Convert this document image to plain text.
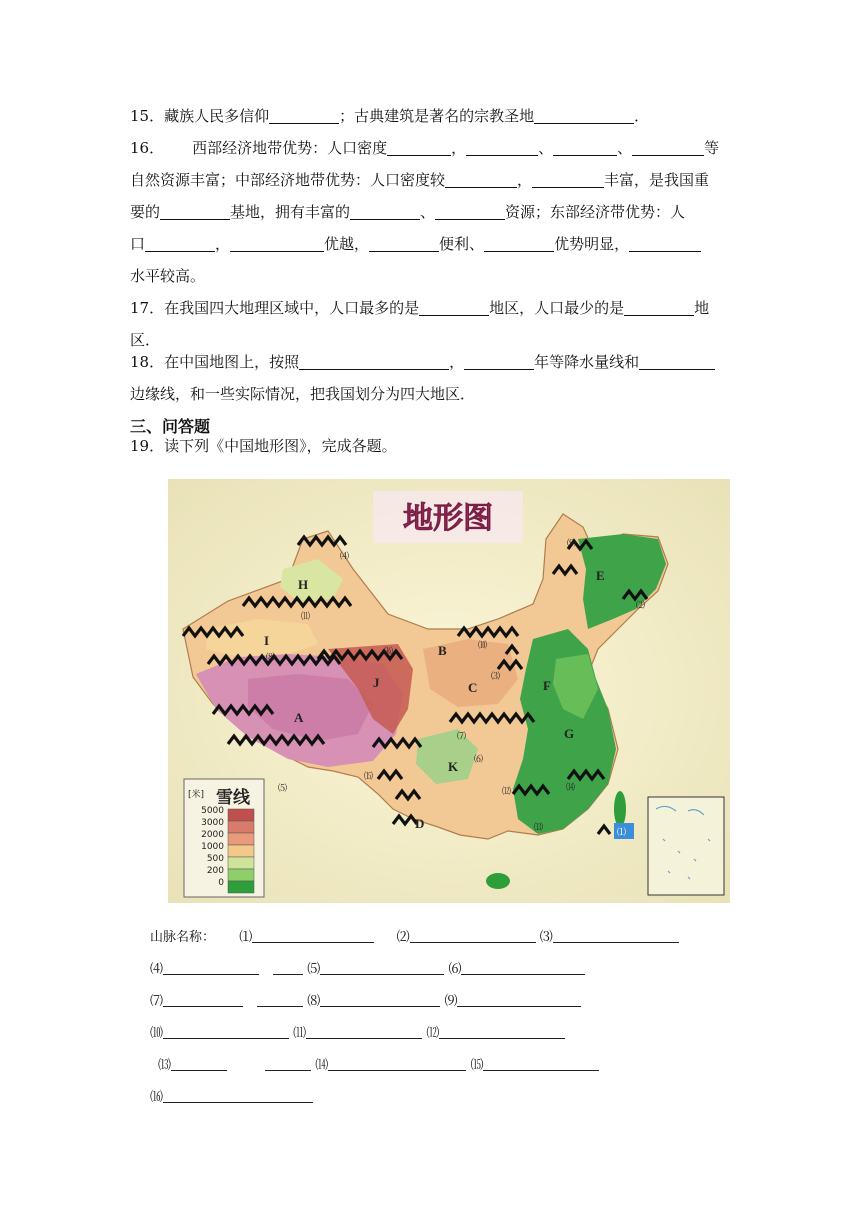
15．藏族人民多信仰	；古典建筑是著名的宗教圣地	．
16． 西部经济地带优势：人口密度	，	、	、	等
自然资源丰富；中部经济地带优势：人口密度较	，	丰富，是我国重
要的	基地，拥有丰富的	、	资源；东部经济带优势：人
口	，	优越，	便利、	优势明显，
水平较高。
17．在我国四大地理区域中，人口最多的是	地区，人口最少的是	地
区．
18．在中国地图上，按照	，	年等降水量线和
边缘线，和一些实际情况，把我国划分为四大地区．
三、问答题
19．读下列《中国地形图》，完成各题。
地形图
A
B
C
D
E
F
G
H
I
J
K
⑴
⑵
⑶
⑷
⑸
⑹
⑺
⑻
⑼
⑽
⑾
⑿
⒀
⒁
⒂
⒃
[米] 雪线
5000
3000
2000
1000
500
200
0
山脉名称： ⑴	⑵	⑶
⑷	⑸	⑹
⑺	⑻	⑼
⑽	⑾	⑿
⒀	⒁	⒂
⒃
